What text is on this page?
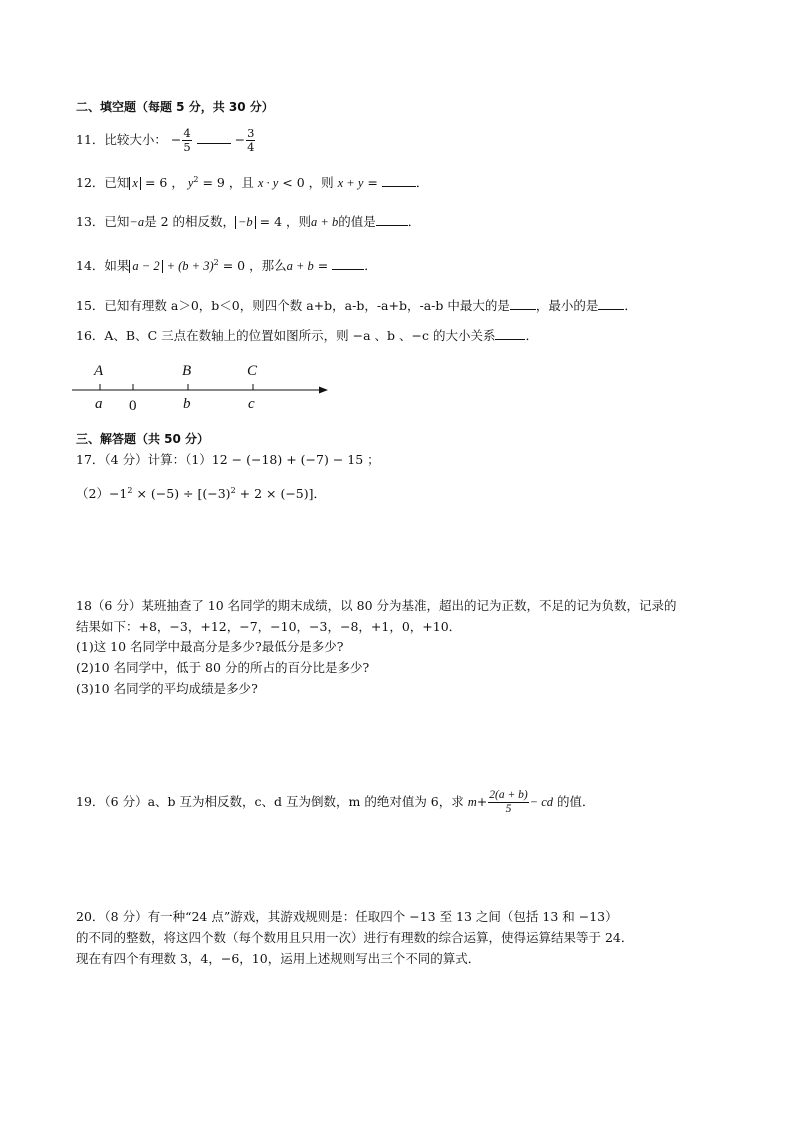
二、填空题（每题 5 分，共 30 分）
11．比较大小： − $\frac{4}{5}$	− $\frac{3}{4}$
12．已知 x = 6 ， $y^2 = 9$ ，且 x · y < 0 ，则 x + y =	．
13．已知−a是 2 的相反数， −b = 4 ，则a + b的值是	．
14．如果 $a - 2 + (b + 3)^2 = 0$ ，那么a + b =	．
15．已知有理数 a＞0，b＜0，则四个数 a+b，a-b，-a+b，-a-b 中最大的是 ，最小的是 ．
16．A、B、C 三点在数轴上的位置如图所示，则 −a 、b 、−c 的大小关系 ．
A	B	C
a 0	b	c
三、解答题（共 50 分）
17．（4 分）计算：（1）12 − (−18) + (−7) − 15 ；
$(2)-1^2 \times (-5) \div [(-3)^2 + 2 \times (-5)]$．
18（6 分）某班抽查了 10 名同学的期末成绩，以 80 分为基准，超出的记为正数，不足的记为负数，记录的
结果如下：+8，−3，+12，−7，−10，−3，−8，+1，0，+10．
(1)这 10 名同学中最高分是多少?最低分是多少?
(2)10 名同学中，低于 80 分的所占的百分比是多少?
(3)10 名同学的平均成绩是多少?
19．（6 分）a、b 互为相反数，c、d 互为倒数，m 的绝对值为 6，求 $m+ \frac{2(a + b)}{5}$ − cd 的值．
20．（8 分）有一种“24 点”游戏，其游戏规则是：任取四个 −13 至 13 之间（包括 13 和 −13）
的不同的整数，将这四个数（每个数用且只用一次）进行有理数的综合运算，使得运算结果等于 24．
现在有四个有理数 3，4，−6，10，运用上述规则写出三个不同的算式．
